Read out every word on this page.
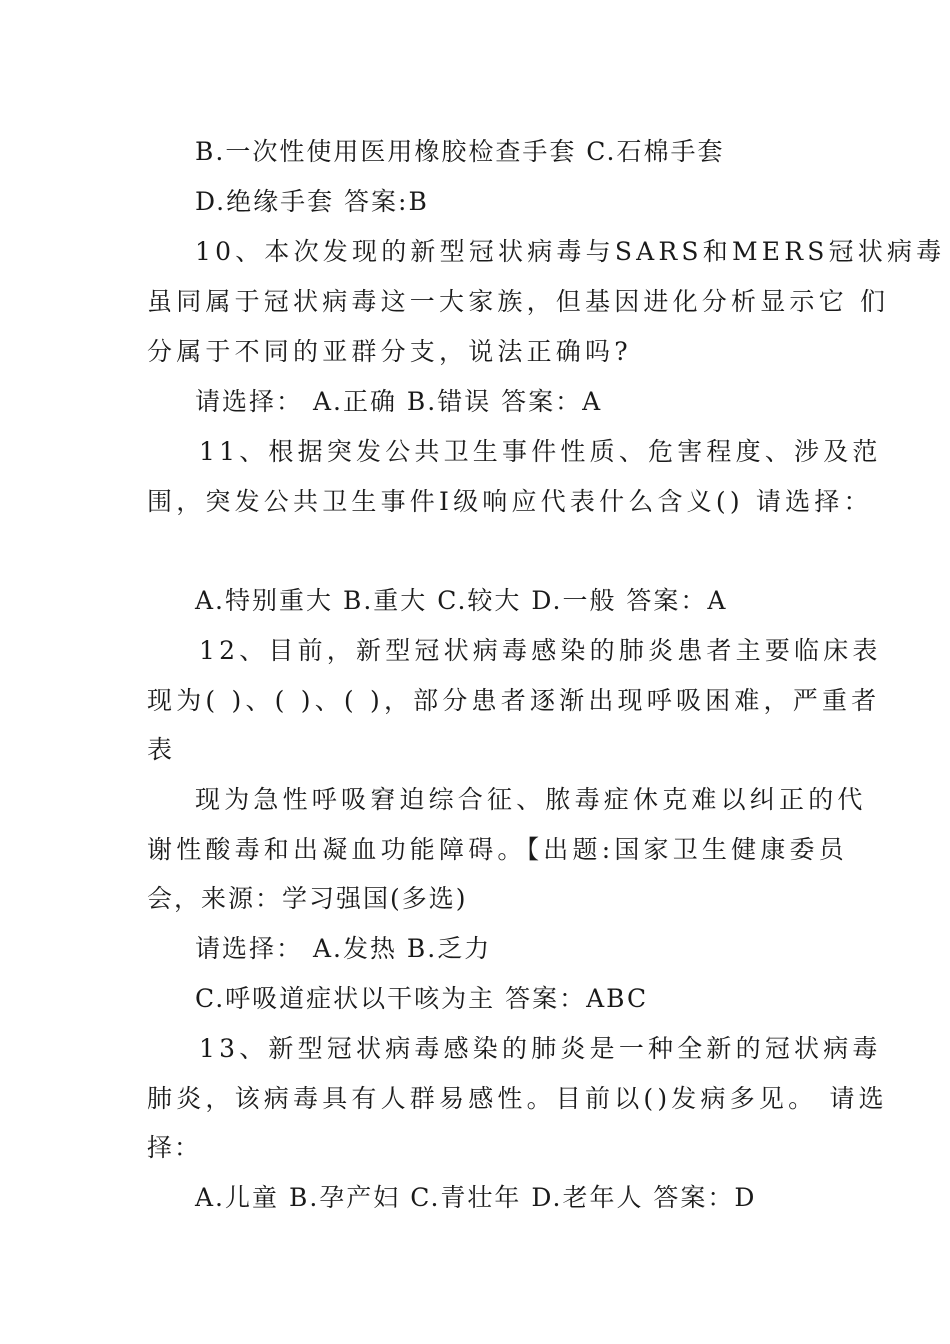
B.一次性使用医用橡胶检查手套 C.石棉手套
D.绝缘手套 答案:B
10、本次发现的新型冠状病毒与SARS和MERS冠状病毒
虽同属于冠状病毒这一大家族，但基因进化分析显示它 们
分属于不同的亚群分支，说法正确吗?
请选择： A.正确 B.错误 答案：A
11、根据突发公共卫生事件性质、危害程度、涉及范
围，突发公共卫生事件Ⅰ级响应代表什么含义() 请选择：
A.特别重大 B.重大 C.较大 D.一般 答案：A
12、目前，新型冠状病毒感染的肺炎患者主要临床表
现为( )、( )、( )，部分患者逐渐出现呼吸困难，严重者
表
现为急性呼吸窘迫综合征、脓毒症休克难以纠正的代
谢性酸毒和出凝血功能障碍。【出题:国家卫生健康委员
会，来源：学习强国(多选)
请选择： A.发热 B.乏力
C.呼吸道症状以干咳为主 答案：ABC
13、新型冠状病毒感染的肺炎是一种全新的冠状病毒
肺炎，该病毒具有人群易感性。目前以()发病多见。 请选
择：
A.儿童 B.孕产妇 C.青壮年 D.老年人 答案：D
